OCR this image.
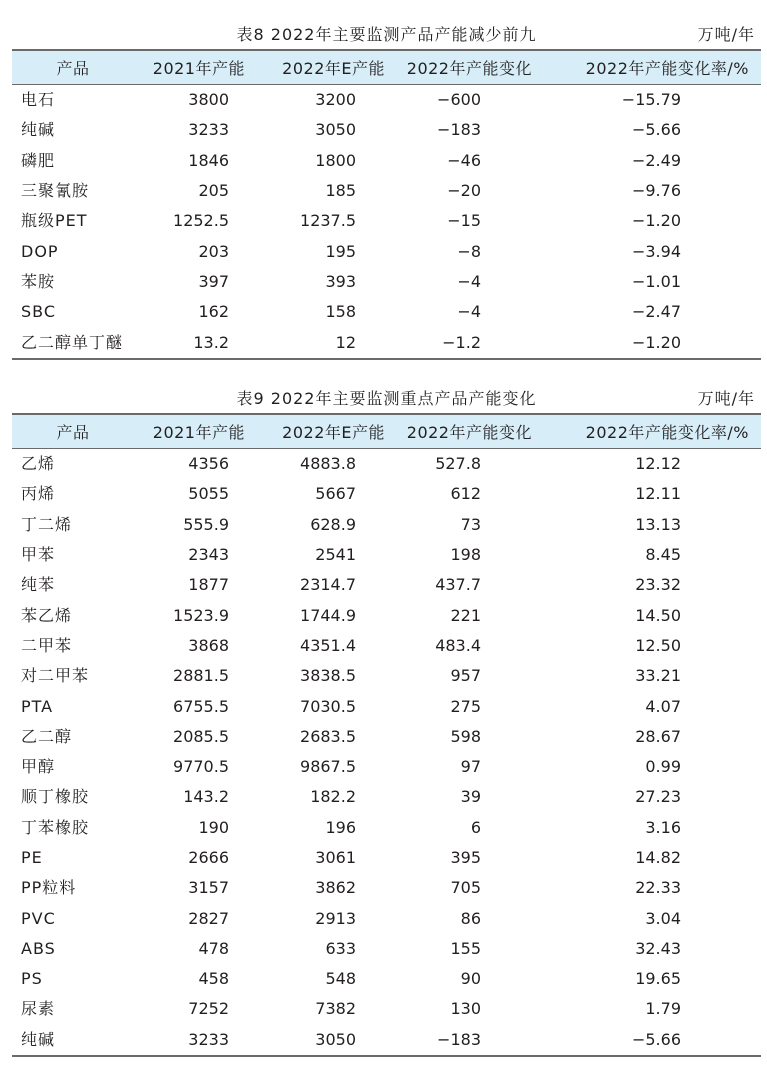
表8 2022年主要监测产品产能减少前九	万吨/年
产品	2021年产能	2022年E产能	2022年产能变化	2022年产能变化率/%
电石	3800	3200	−600	−15.79
纯碱	3233	3050	−183	−5.66
磷肥	1846	1800	−46	−2.49
三聚氰胺	205	185	−20	−9.76
瓶级PET	1252.5	1237.5	−15	−1.20
DOP	203	195	−8	−3.94
苯胺	397	393	−4	−1.01
SBC	162	158	−4	−2.47
乙二醇单丁醚	13.2	12	−1.2	−1.20
表9 2022年主要监测重点产品产能变化	万吨/年
产品	2021年产能	2022年E产能	2022年产能变化	2022年产能变化率/%
乙烯	4356	4883.8	527.8	12.12
丙烯	5055	5667	612	12.11
丁二烯	555.9	628.9	73	13.13
甲苯	2343	2541	198	8.45
纯苯	1877	2314.7	437.7	23.32
苯乙烯	1523.9	1744.9	221	14.50
二甲苯	3868	4351.4	483.4	12.50
对二甲苯	2881.5	3838.5	957	33.21
PTA	6755.5	7030.5	275	4.07
乙二醇	2085.5	2683.5	598	28.67
甲醇	9770.5	9867.5	97	0.99
顺丁橡胶	143.2	182.2	39	27.23
丁苯橡胶	190	196	6	3.16
PE	2666	3061	395	14.82
PP粒料	3157	3862	705	22.33
PVC	2827	2913	86	3.04
ABS	478	633	155	32.43
PS	458	548	90	19.65
尿素	7252	7382	130	1.79
纯碱	3233	3050	−183	−5.66
